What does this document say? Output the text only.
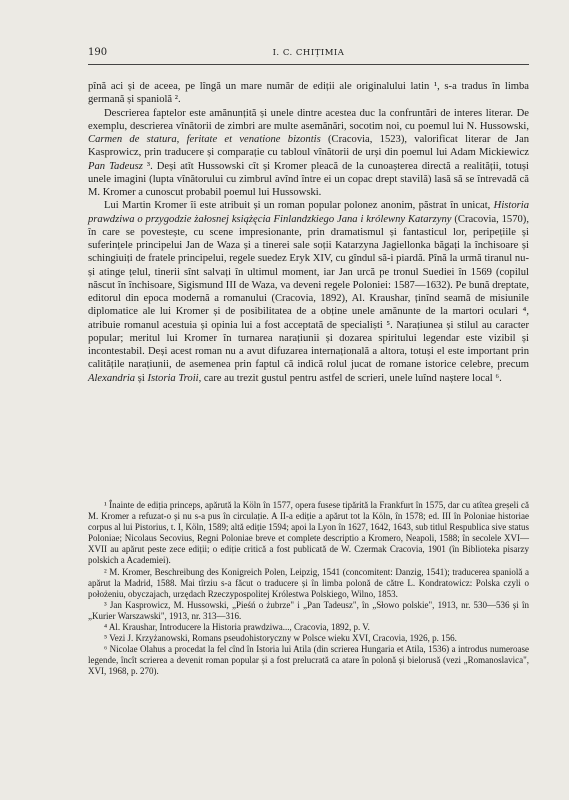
190	I. C. CHIȚIMIA

pînă aci și de aceea, pe lîngă un mare număr de ediții ale originalului latin ¹, s-a tradus în limba germană și spaniolă ².

Descrierea faptelor este amănunțită și unele dintre acestea duc la confruntări de interes literar. De exemplu, descrierea vînătorii de zimbri are multe asemănări, socotim noi, cu poemul lui N. Hussowski, Carmen de statura, feritate et venatione bizontis (Cracovia, 1523), valorificat literar de Jan Kasprowicz, prin traducere și comparație cu tabloul vînătorii de urși din poemul lui Adam Mickiewicz Pan Tadeusz ³. Deși atît Hussowski cît și Kromer pleacă de la cunoașterea directă a realității, totuși unele imagini (lupta vînătorului cu zimbrul avînd între ei un copac drept stavilă) lasă să se întrevadă că M. Kromer a cunoscut probabil poemul lui Hussowski.

Lui Martin Kromer îi este atribuit și un roman popular polonez anonim, păstrat în unicat, Historia prawdziwa o przygodzie żałosnej książęcia Finlandzkiego Jana i królewny Katarzyny (Cracovia, 1570), în care se povestește, cu scene impresionante, prin dramatismul și fantasticul lor, peripețiile și suferințele principelui Jan de Waza și a tinerei sale soții Katarzyna Jagiellonka băgați la închisoare și schingiuiți de fratele principelui, regele suedez Eryk XIV, cu gîndul să-i piardă. Pînă la urmă tiranul nu-și atinge țelul, tinerii sînt salvați în ultimul moment, iar Jan urcă pe tronul Suediei în 1569 (copilul născut în închisoare, Sigismund III de Waza, va deveni regele Poloniei: 1587—1632). Pe bună dreptate, editorul din epoca modernă a romanului (Cracovia, 1892), Al. Kraushar, ținînd seamă de misiunile diplomatice ale lui Kromer și de posibilitatea de a obține unele amănunte de la martori oculari ⁴, atribuie romanul acestuia și opinia lui a fost acceptată de specialiști ⁵. Narațiunea și stilul au caracter popular; meritul lui Kromer în turnarea narațiunii și dozarea spiritului legendar este vizibil și incontestabil. Deși acest roman nu a avut difuzarea internațională a altora, totuși el este important prin calitățile narațiunii, de asemenea prin faptul că indică rolul jucat de romane istorice celebre, precum Alexandria și Istoria Troii, care au trezit gustul pentru astfel de scrieri, unele luînd naștere local ⁶.

¹ Înainte de ediția princeps, apărută la Köln în 1577, opera fusese tipărită la Frankfurt în 1575, dar cu atîtea greșeli că M. Kromer a refuzat-o și nu s-a pus în circulație. A II-a ediție a apărut tot la Köln, în 1578; ed. III în Poloniae historiae corpus al lui Pistorius, t. I, Köln, 1589; altă ediție 1594; apoi la Lyon în 1627, 1642, 1643, sub titlul Respublica sive status Poloniae; Nicolaus Secovius, Regni Poloniae breve et complete descriptio a Kromero, Neapoli, 1588; în secolele XVI—XVII au apărut peste zece ediții; o ediție critică a fost publicată de W. Czermak Cracovia, 1901 (în Biblioteka pisarzy polskich a Academiei).

² M. Kromer, Beschreibung des Konigreich Polen, Leipzig, 1541 (concomitent: Danzig, 1541); traducerea spaniolă a apărut la Madrid, 1588. Mai tîrziu s-a făcut o traducere și în limba polonă de către L. Kondratowicz: Polska czyli o położeniu, obyczajach, urzędach Rzeczypospolitej Królestwa Polskiego, Wilno, 1853.

³ Jan Kasprowicz, M. Hussowski, „Pieśń o żubrze" i „Pan Tadeusz", în „Słowo polskie", 1913, nr. 530—536 și în „Kurier Warszawski", 1913, nr. 313—316.

⁴ Al. Kraushar, Introducere la Historia prawdziwa..., Cracovia, 1892, p. V.

⁵ Vezi J. Krzyżanowski, Romans pseudohistoryczny w Polsce wieku XVI, Cracovia, 1926, p. 156.

⁶ Nicolae Olahus a procedat la fel cînd în Istoria lui Atila (din scrierea Hungaria et Atila, 1536) a introdus numeroase legende, încît scrierea a devenit roman popular și a fost prelucrată ca atare în polonă și bielorusă (vezi „Romanoslavica", XVI, 1968, p. 270).
